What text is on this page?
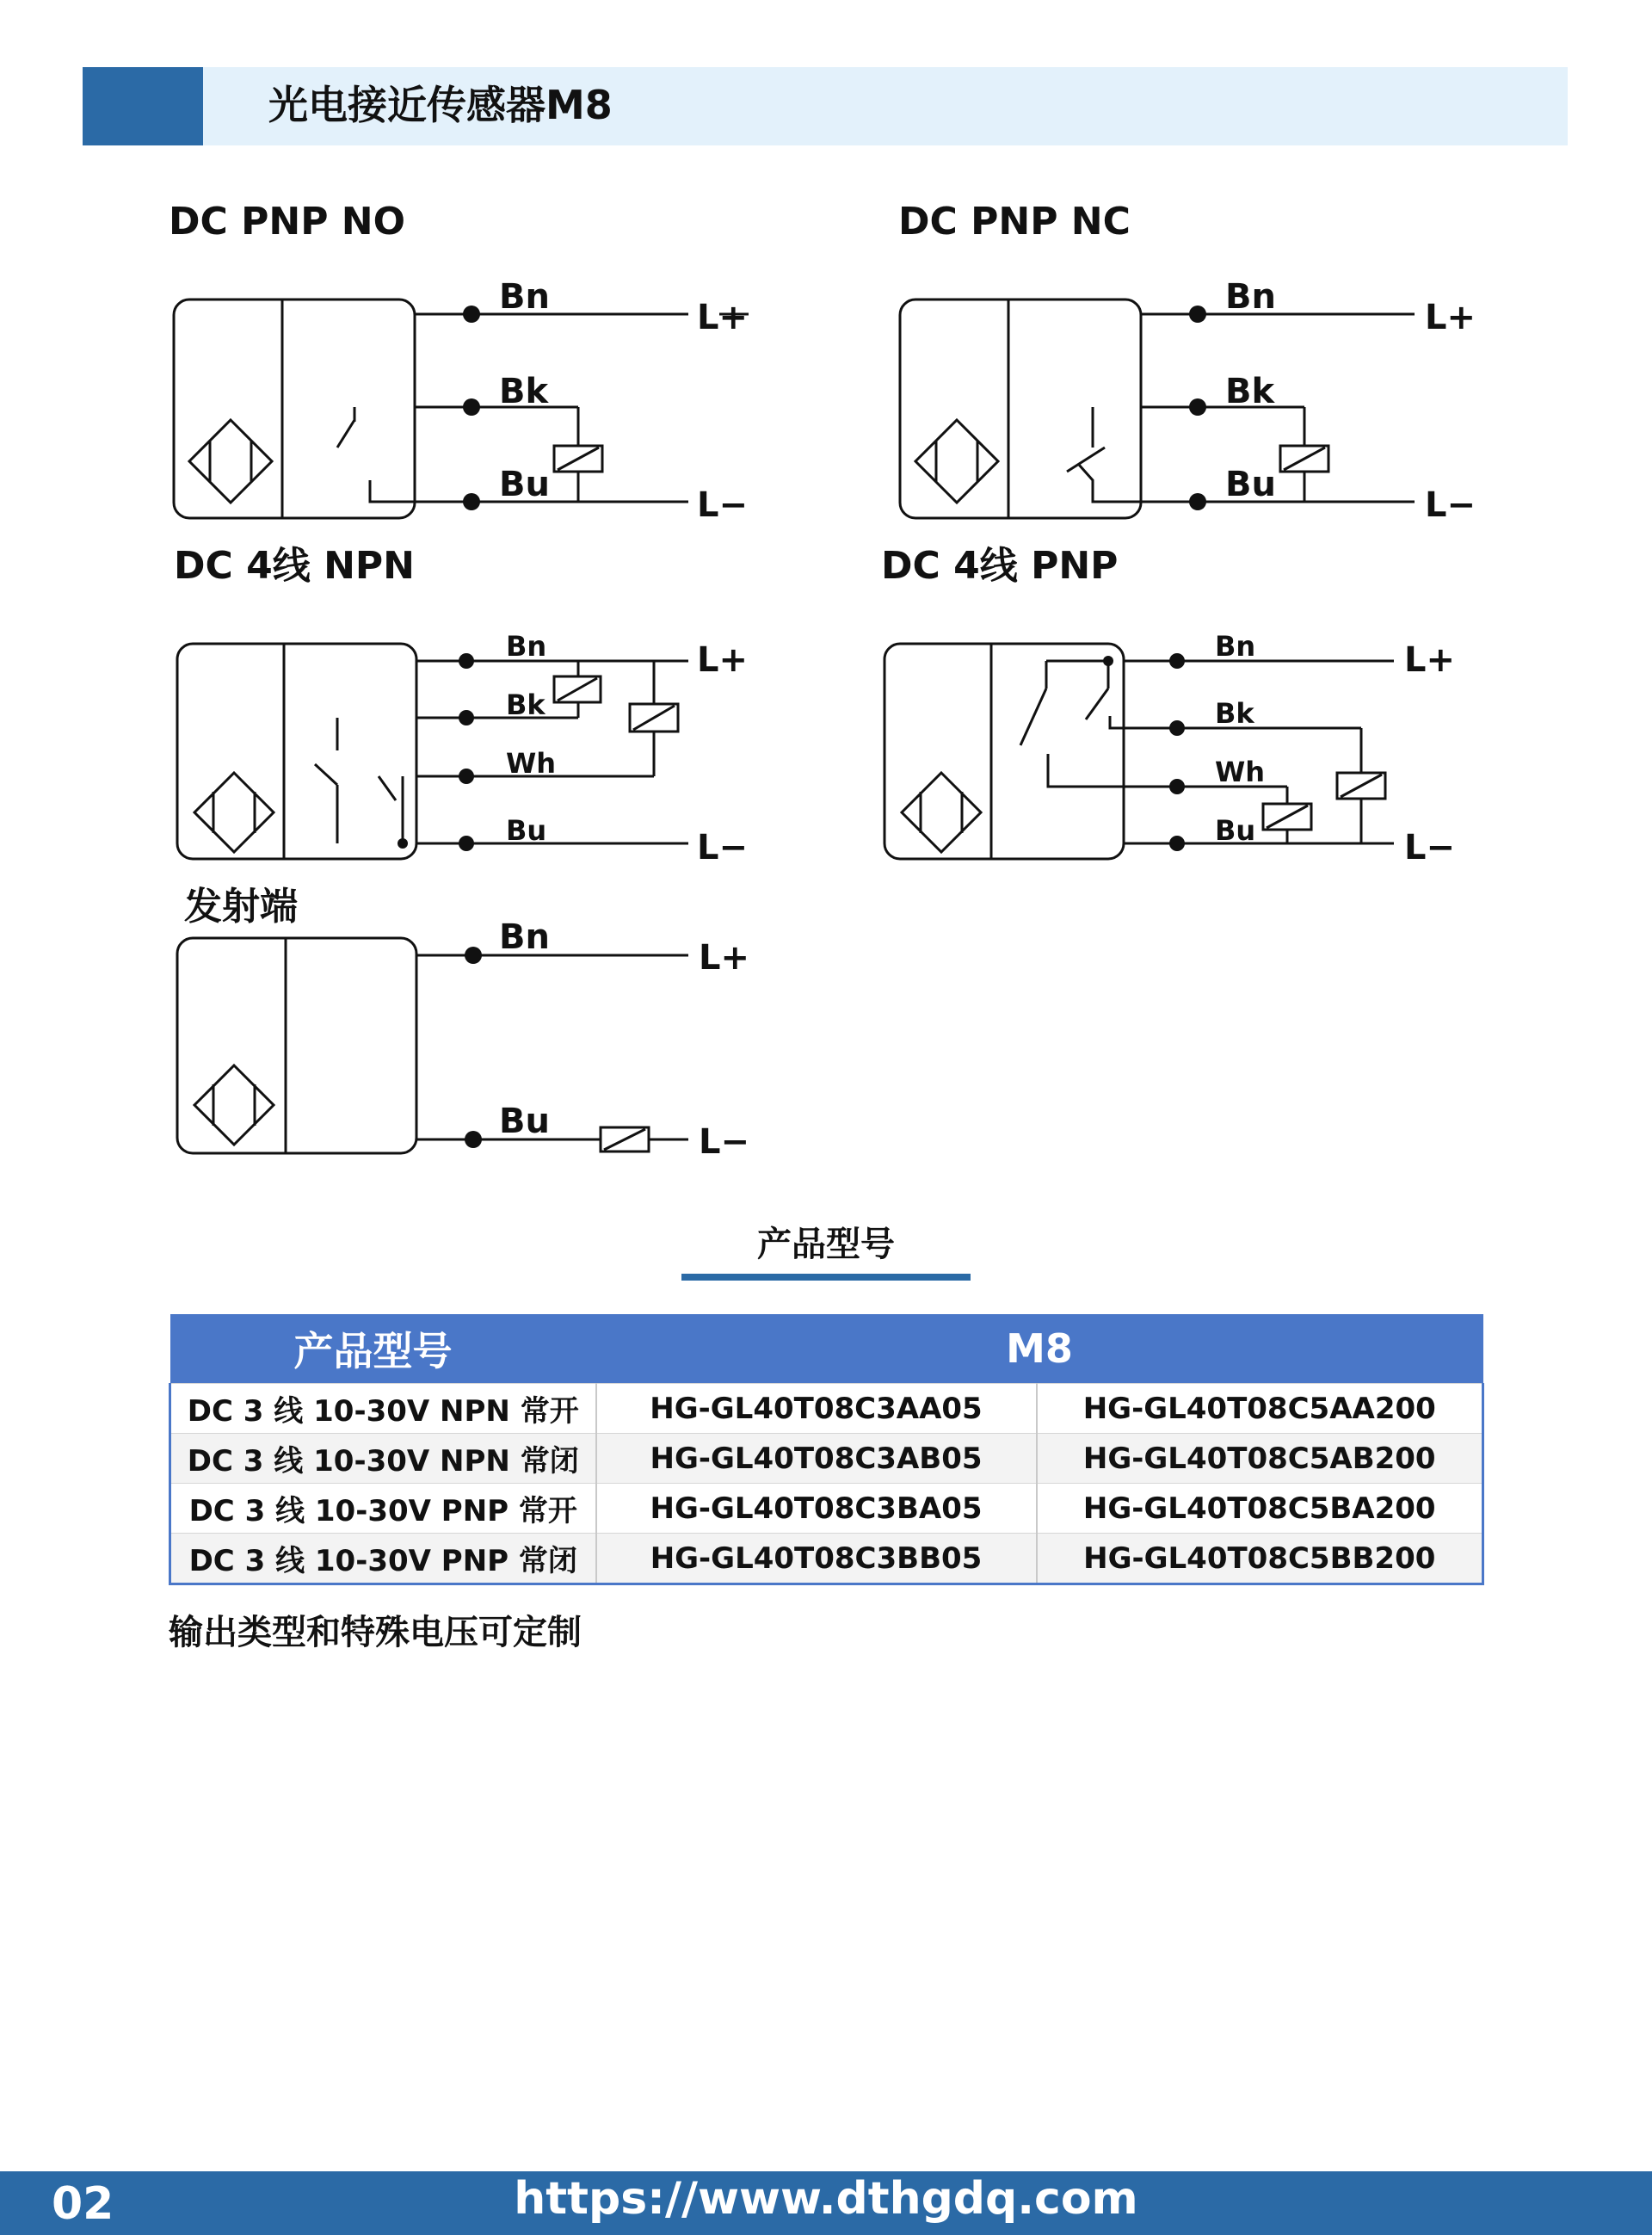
光电接近传感器M8
DC PNP NO	DC PNP NC
DC 4线 NPN	DC 4线 PNP
发射端
Bn
Bk
Bu
L+
L−
Bn
Bk
Bu
L+
L−
Bn
Bk
Wh
Bu
L+
L−
Bn
Bk
Wh
Bu
L+
L−
Bn
Bu
L+
L−
产品型号
产品型号	M8	
DC 3 线 10-30V NPN 常开	HG-GL40T08C3AA05	HG-GL40T08C5AA200
DC 3 线 10-30V NPN 常闭	HG-GL40T08C3AB05	HG-GL40T08C5AB200
DC 3 线 10-30V PNP 常开	HG-GL40T08C3BA05	HG-GL40T08C5BA200
DC 3 线 10-30V PNP 常闭	HG-GL40T08C3BB05	HG-GL40T08C5BB200
输出类型和特殊电压可定制
02	https://www.dthgdq.com
